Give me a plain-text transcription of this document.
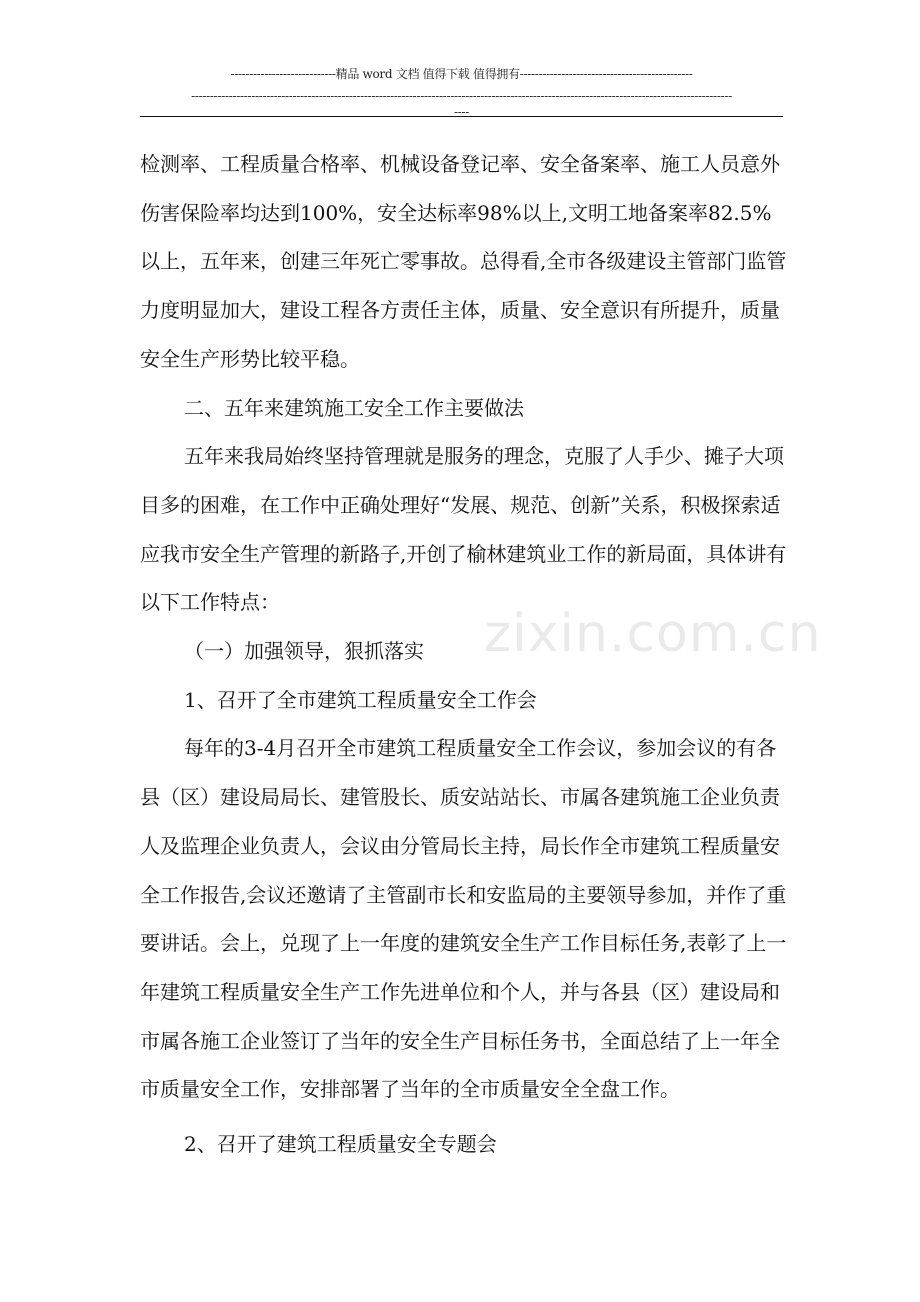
----------------------------精品 word 文档 值得下载 值得拥有----------------------------------------------
------------------------------------------------------------------------------------------------------------------------------------------------
----

检测率、工程质量合格率、机械设备登记率、安全备案率、施工人员意外伤害保险率均达到100%，安全达标率98%以上,文明工地备案率82.5%以上，五年来，创建三年死亡零事故。总得看,全市各级建设主管部门监管力度明显加大，建设工程各方责任主体，质量、安全意识有所提升，质量安全生产形势比较平稳。

二、五年来建筑施工安全工作主要做法

五年来我局始终坚持管理就是服务的理念，克服了人手少、摊子大项目多的困难，在工作中正确处理好“发展、规范、创新”关系，积极探索适应我市安全生产管理的新路子,开创了榆林建筑业工作的新局面，具体讲有以下工作特点：

（一）加强领导，狠抓落实

1、召开了全市建筑工程质量安全工作会

每年的3-4月召开全市建筑工程质量安全工作会议，参加会议的有各县（区）建设局局长、建管股长、质安站站长、市属各建筑施工企业负责人及监理企业负责人，会议由分管局长主持，局长作全市建筑工程质量安全工作报告,会议还邀请了主管副市长和安监局的主要领导参加，并作了重要讲话。会上，兑现了上一年度的建筑安全生产工作目标任务,表彰了上一年建筑工程质量安全生产工作先进单位和个人，并与各县（区）建设局和市属各施工企业签订了当年的安全生产目标任务书，全面总结了上一年全市质量安全工作，安排部署了当年的全市质量安全全盘工作。

2、召开了建筑工程质量安全专题会

zixin.com.cn
